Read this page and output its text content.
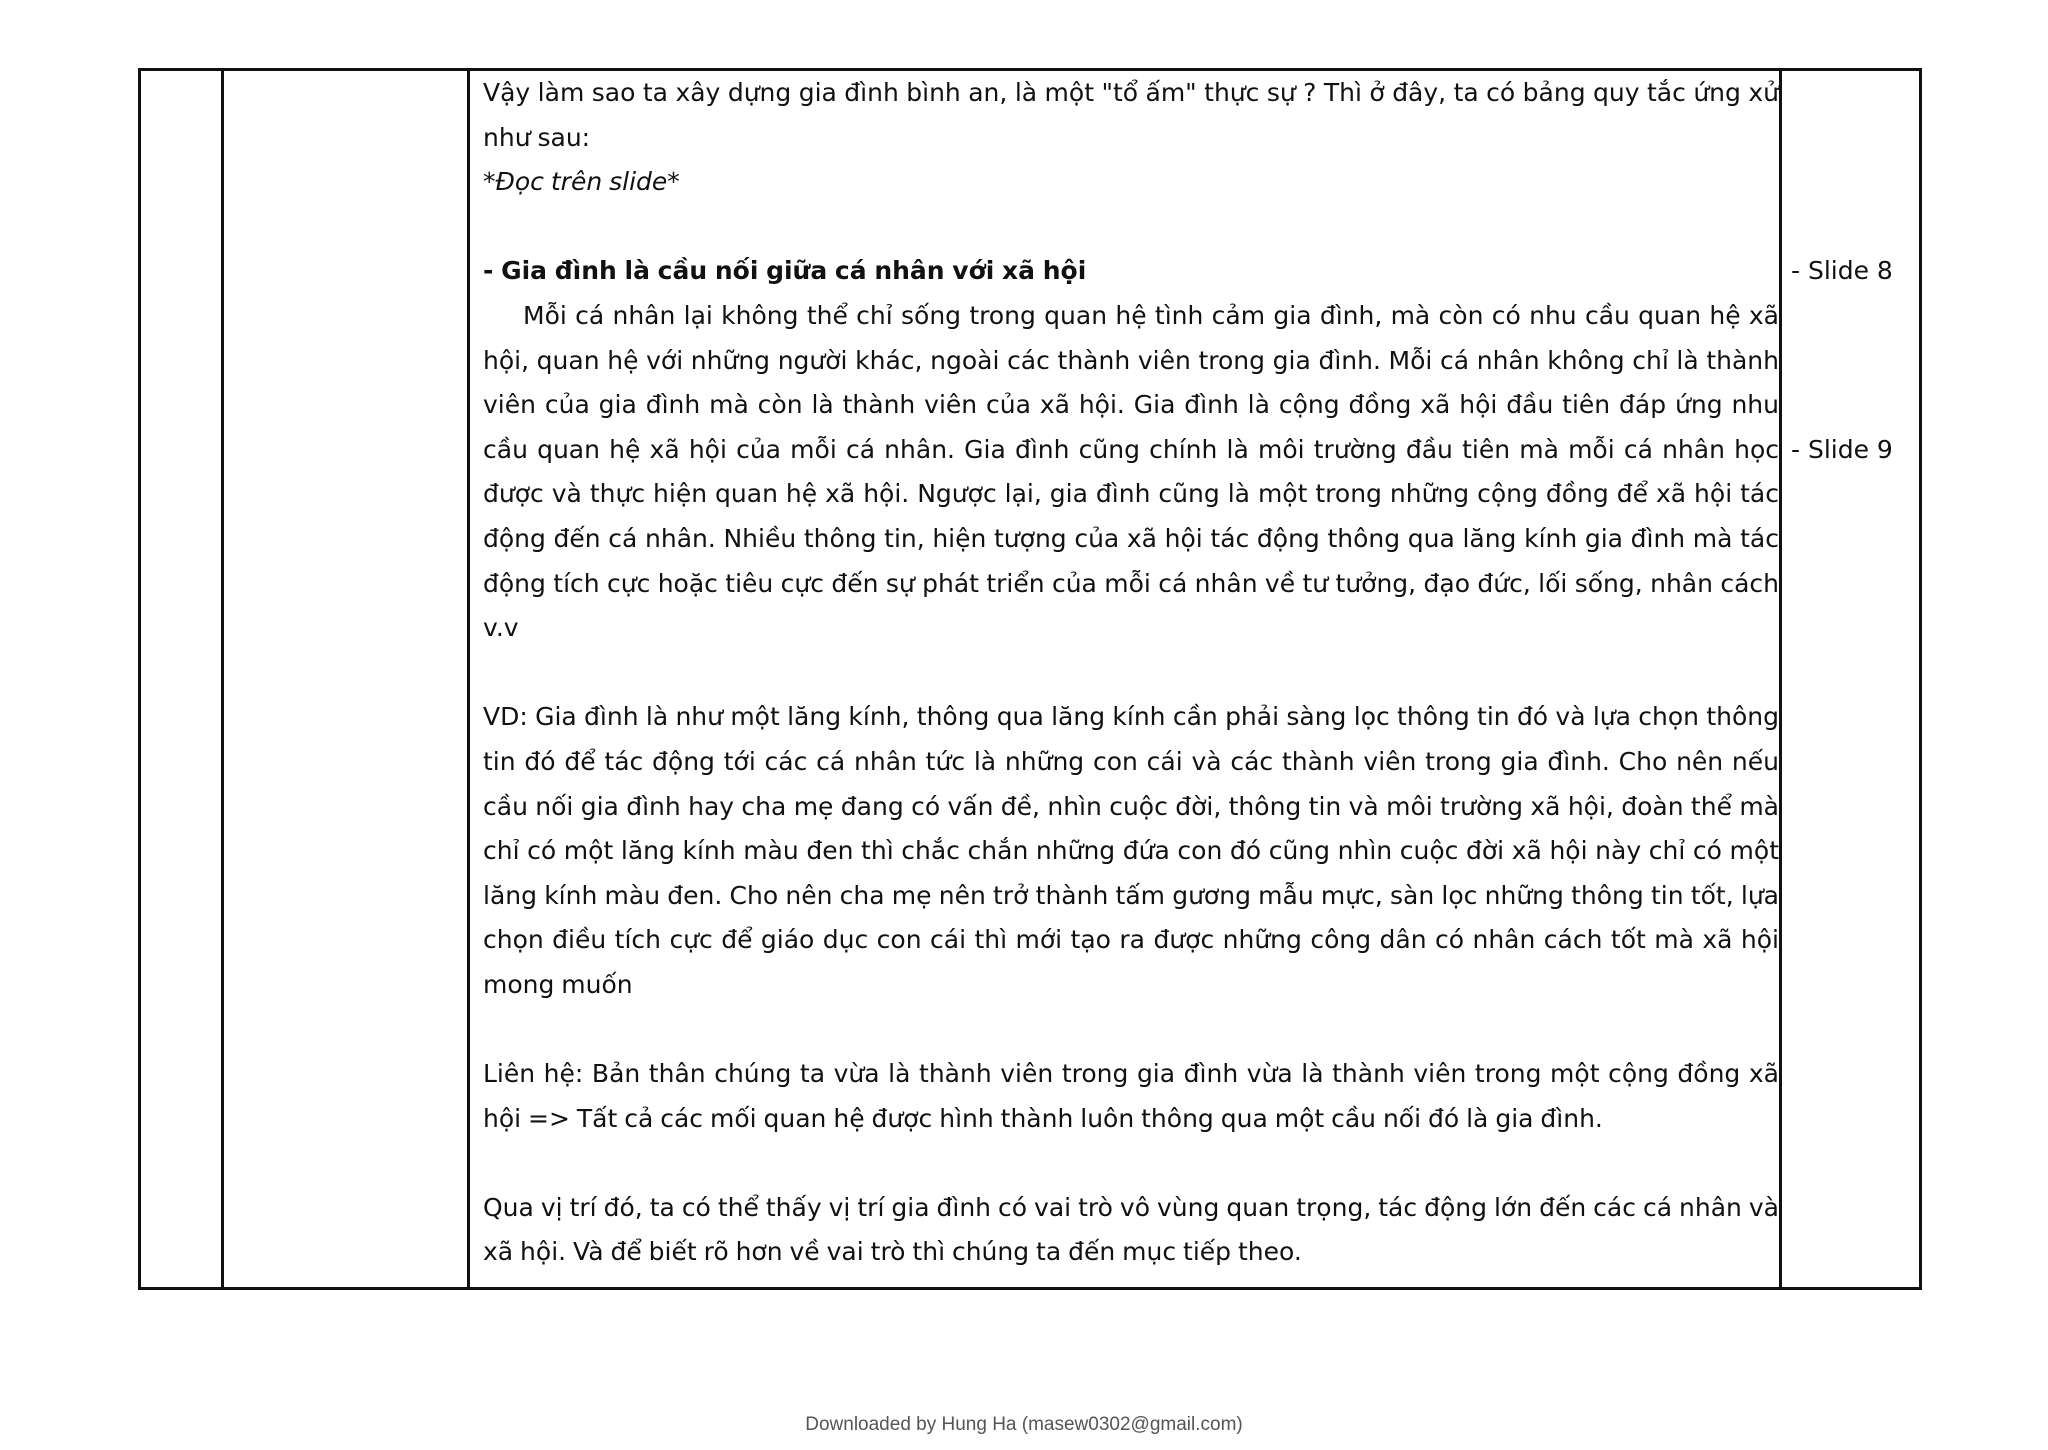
Vậy làm sao ta xây dựng gia đình bình an, là một "tổ ấm" thực sự ? Thì ở đây, ta có bảng quy tắc ứng xử như sau:

*Đọc trên slide*

- Gia đình là cầu nối giữa cá nhân với xã hội

Mỗi cá nhân lại không thể chỉ sống trong quan hệ tình cảm gia đình, mà còn có nhu cầu quan hệ xã hội, quan hệ với những người khác, ngoài các thành viên trong gia đình. Mỗi cá nhân không chỉ là thành viên của gia đình mà còn là thành viên của xã hội. Gia đình là cộng đồng xã hội đầu tiên đáp ứng nhu cầu quan hệ xã hội của mỗi cá nhân. Gia đình cũng chính là môi trường đầu tiên mà mỗi cá nhân học được và thực hiện quan hệ xã hội. Ngược lại, gia đình cũng là một trong những cộng đồng để xã hội tác động đến cá nhân. Nhiều thông tin, hiện tượng của xã hội tác động thông qua lăng kính gia đình mà tác động tích cực hoặc tiêu cực đến sự phát triển của mỗi cá nhân về tư tưởng, đạo đức, lối sống, nhân cách v.v

VD: Gia đình là như một lăng kính, thông qua lăng kính cần phải sàng lọc thông tin đó và lựa chọn thông tin đó để tác động tới các cá nhân tức là những con cái và các thành viên trong gia đình. Cho nên nếu cầu nối gia đình hay cha mẹ đang có vấn đề, nhìn cuộc đời, thông tin và môi trường xã hội, đoàn thể mà chỉ có một lăng kính màu đen thì chắc chắn những đứa con đó cũng nhìn cuộc đời xã hội này chỉ có một lăng kính màu đen. Cho nên cha mẹ nên trở thành tấm gương mẫu mực, sàn lọc những thông tin tốt, lựa chọn điều tích cực để giáo dục con cái thì mới tạo ra được những công dân có nhân cách tốt mà xã hội mong muốn

Liên hệ: Bản thân chúng ta vừa là thành viên trong gia đình vừa là thành viên trong một cộng đồng xã hội => Tất cả các mối quan hệ được hình thành luôn thông qua một cầu nối đó là gia đình.

Qua vị trí đó, ta có thể thấy vị trí gia đình có vai trò vô vùng quan trọng, tác động lớn đến các cá nhân và xã hội. Và để biết rõ hơn về vai trò thì chúng ta đến mục tiếp theo.

- Slide 8
- Slide 9
Downloaded by Hung Ha (masew0302@gmail.com)
